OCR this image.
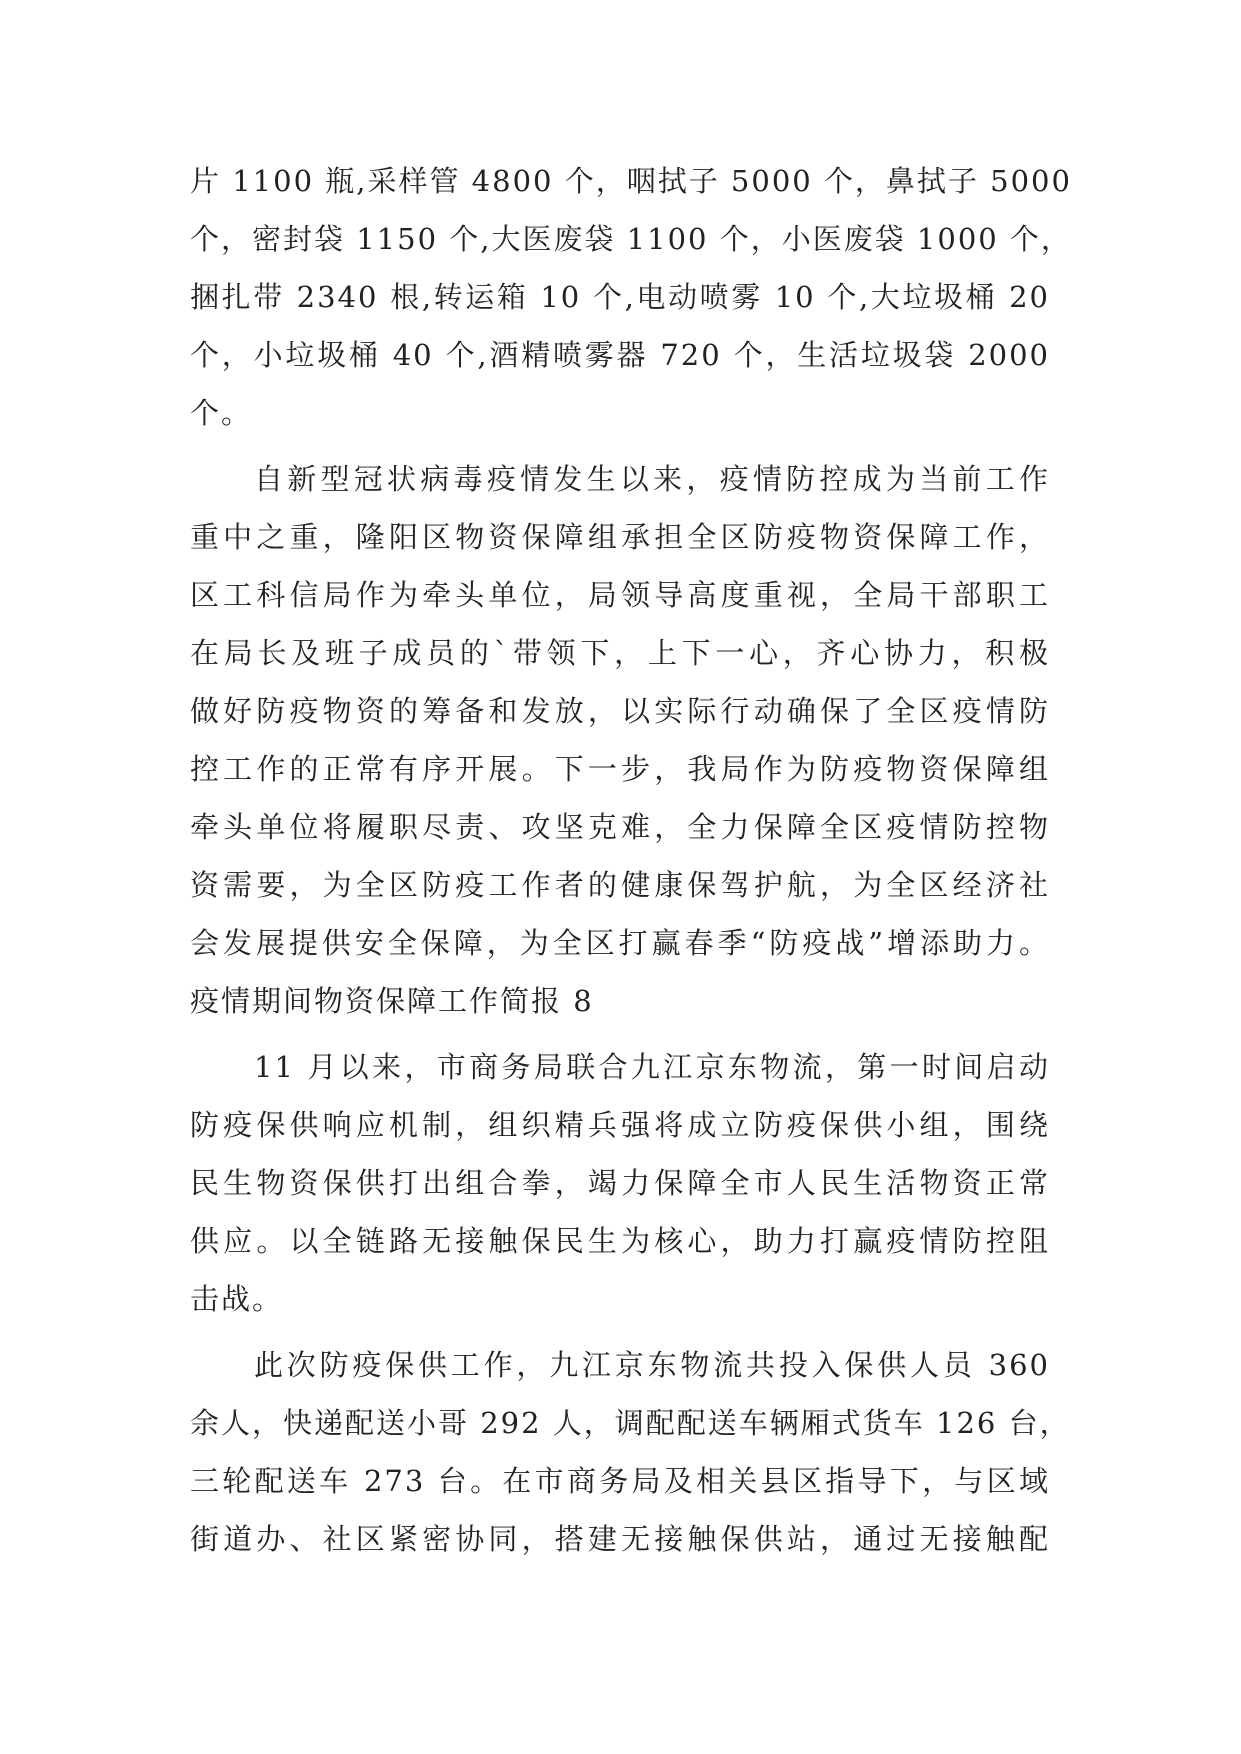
片 1100 瓶,采样管 4800 个，咽拭子 5000 个，鼻拭子 5000
个，密封袋 1150 个,大医废袋 1100 个，小医废袋 1000 个，
捆扎带 2340 根,转运箱 10 个,电动喷雾 10 个,大垃圾桶 20
个，小垃圾桶 40 个,酒精喷雾器 720 个，生活垃圾袋 2000
个。
自新型冠状病毒疫情发生以来，疫情防控成为当前工作
重中之重，隆阳区物资保障组承担全区防疫物资保障工作，
区工科信局作为牵头单位，局领导高度重视，全局干部职工
在局长及班子成员的`带领下，上下一心，齐心协力，积极
做好防疫物资的筹备和发放，以实际行动确保了全区疫情防
控工作的正常有序开展。下一步，我局作为防疫物资保障组
牵头单位将履职尽责、攻坚克难，全力保障全区疫情防控物
资需要，为全区防疫工作者的健康保驾护航，为全区经济社
会发展提供安全保障，为全区打赢春季“防疫战”增添助力。
疫情期间物资保障工作简报 8
11 月以来，市商务局联合九江京东物流，第一时间启动
防疫保供响应机制，组织精兵强将成立防疫保供小组，围绕
民生物资保供打出组合拳，竭力保障全市人民生活物资正常
供应。以全链路无接触保民生为核心，助力打赢疫情防控阻
击战。
此次防疫保供工作，九江京东物流共投入保供人员 360
余人，快递配送小哥 292 人，调配配送车辆厢式货车 126 台，
三轮配送车 273 台。在市商务局及相关县区指导下，与区域
街道办、社区紧密协同，搭建无接触保供站，通过无接触配
